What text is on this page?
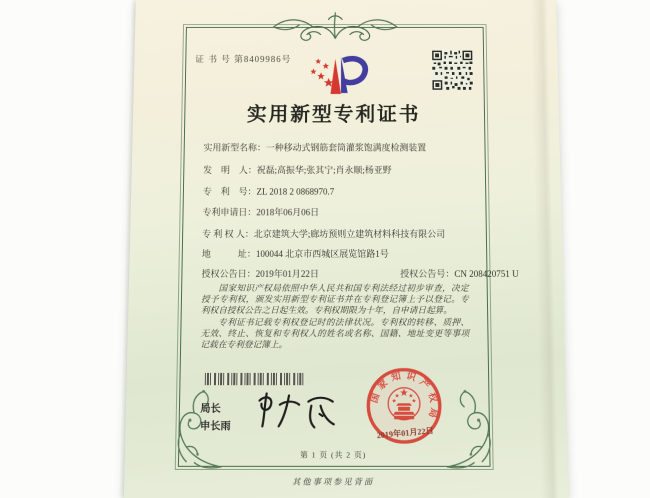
证 书 号 第8409986号
实用新型专利证书
实用新型名称：一种移动式钢筋套筒灌浆饱满度检测装置
发　明　人：祝磊;高振华;张其宁;肖永顺;杨亚野
专　利　号：ZL 2018 2 0868970.7
专利申请日：2018年06月06日
专 利 权 人：北京建筑大学;廊坊预则立建筑材料科技有限公司
地　　　址：100044 北京市西城区展览馆路1号
授权公告日：2019年01月22日	授权公告号：CN 208420751 U

国家知识产权局依照中华人民共和国专利法经过初步审查，决定授予专利权，颁发实用新型专利证书并在专利登记簿上予以登记。专利权自授权公告之日起生效。专利权期限为十年，自申请日起算。

专利证书记载专利权登记时的法律状况。专利权的转移、质押、无效、终止、恢复和专利权人的姓名或名称、国籍、地址变更等事项记载在专利登记簿上。

局长
申长雨
国家知识产权局
2019年01月22日
第 1 页 (共 2 页)
其他事项参见背面
